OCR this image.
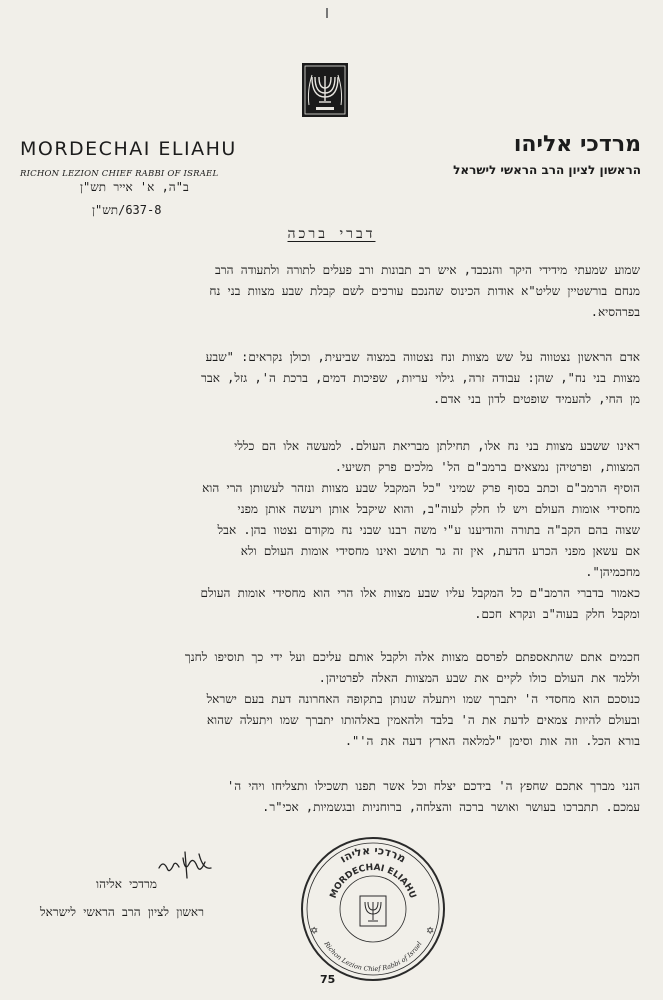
MORDECHAI ELIAHU
RICHON LEZION CHIEF RABBI OF ISRAEL
מרדכי אליהו
הראשון לציון הרב הראשי לישראל
ב"ה, א' אייר תש"ן
637-8/תש"ן
דברי ברכה
שמוע שמעתי מידידי היקר והנכבד, איש רב תבונות ורב פעלים לתורה ולתעודה הרב
מנחם בורשטיין שליט"א אודות הכינוס שהנכם עורכים לשם קבלת שבע מצוות בני נח
בפרהסיא.
אדם הראשון נצטווה על שש מצוות ונח נצטווה במצוה שביעית, וכולן נקראים: "שבע
מצוות בני נח", שהן: עבודה זרה, גילוי עריות, שפיכות דמים, ברכת ה', גזל, אבר
מן החי, להעמיד שופטים לדון בני אדם.
ראינו ששבע מצוות בני נח אלו, תחילתן מבריאת העולם. למעשה אלו הם כללי
המצוות, ופרטיהן נמצאים ברמב"ם הל' מלכים פרק תשיעי.
הוסיף הרמב"ם וכתב בסוף פרק שמיני "כל המקבל שבע מצוות ונזהר לעשותן הרי הוא
מחסידי אומות העולם ויש לו חלק לעוה"ב, והוא שיקבל אותן ויעשה אותן מפני
שצוה בהם הקב"ה בתורה והודיענו ע"י משה רבנו שבני נח מקודם נצטוו בהן. אבל
אם עשאן מפני הכרע הדעת, אין זה גר תושב ואינו מחסידי אומות העולם ולא
מחכמיהן".
כאמור בדברי הרמב"ם כל המקבל עליו שבע מצוות אלו הרי הוא מחסידי אומות העולם
ומקבל חלק בעוה"ב ונקרא חכם.
חכמים אתם שהתאספתם לפרסם מצוות אלה ולקבל אותם עליכם ועל ידי כך תוסיפו לחנך
וללמד את העולם כולו לקיים את שבע המצוות האלה לפרטיהן.
כנוסכם הוא מחסדי ה' יתברך שמו ויתעלה שנותן בתקופה האחרונה דעת בעם ישראל
ובעולם להיות צמאים לדעת את ה' בלבד ולהאמין באלהותו יתברך שמו ויתעלה שהוא
בורא הכל. וזה אות וסימן "למלאה הארץ דעה את ה'".
הנני מברך אתכם שחפץ ה' בידכם יצלח וכל אשר תפנו תשכילו ותצליחו ויהי ה'
עמכם. תתברכו בעושר ואושר ברכה והצלחה, ברוחניות ובגשמיות, אכי"ר.
מרדכי אליהו
ראשון לציון הרב הראשי לישראל
מרדכי אליהו
MORDECHAI ELIAHU
Richon Lezion Chief Rabbi of Israel
✡	✡
75
